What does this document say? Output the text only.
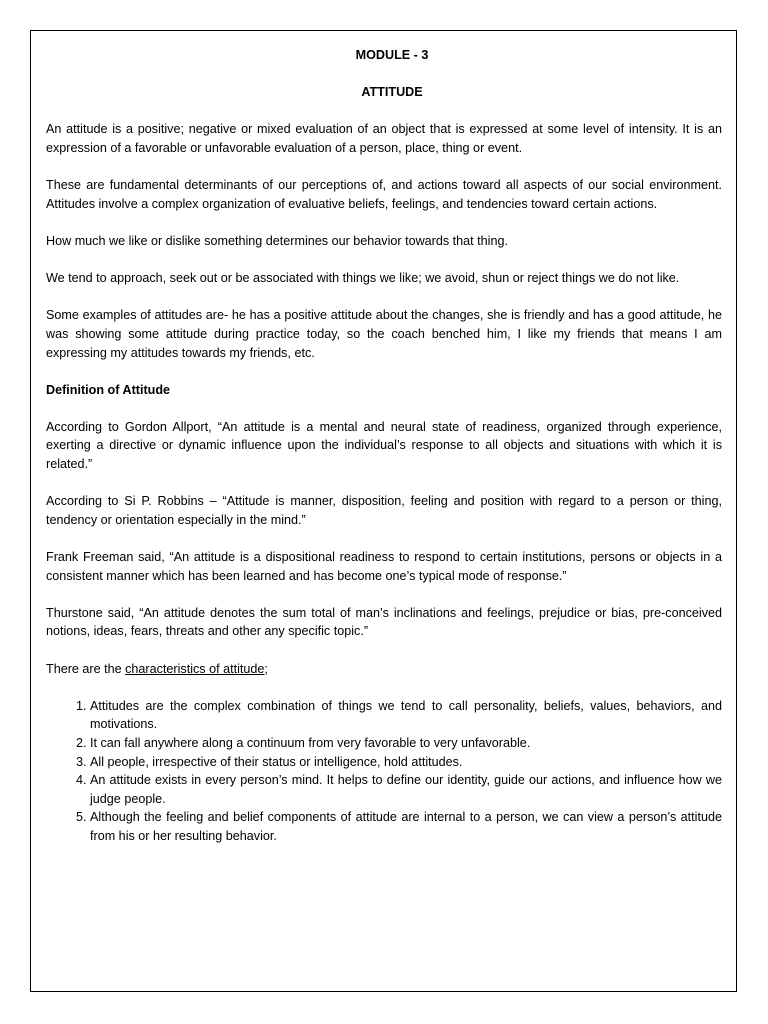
MODULE - 3
ATTITUDE

An attitude is a positive; negative or mixed evaluation of an object that is expressed at some level of intensity. It is an expression of a favorable or unfavorable evaluation of a person, place, thing or event.

These are fundamental determinants of our perceptions of, and actions toward all aspects of our social environment. Attitudes involve a complex organization of evaluative beliefs, feelings, and tendencies toward certain actions.

How much we like or dislike something determines our behavior towards that thing.

We tend to approach, seek out or be associated with things we like; we avoid, shun or reject things we do not like.

Some examples of attitudes are- he has a positive attitude about the changes, she is friendly and has a good attitude, he was showing some attitude during practice today, so the coach benched him, I like my friends that means I am expressing my attitudes towards my friends, etc.

Definition of Attitude

According to Gordon Allport, “An attitude is a mental and neural state of readiness, organized through experience, exerting a directive or dynamic influence upon the individual’s response to all objects and situations with which it is related.”

According to Si P. Robbins – “Attitude is manner, disposition, feeling and position with regard to a person or thing, tendency or orientation especially in the mind.”

Frank Freeman said, “An attitude is a dispositional readiness to respond to certain institutions, persons or objects in a consistent manner which has been learned and has become one’s typical mode of response.”

Thurstone said, “An attitude denotes the sum total of man’s inclinations and feelings, prejudice or bias, pre-conceived notions, ideas, fears, threats and other any specific topic.”

There are the characteristics of attitude;

1. Attitudes are the complex combination of things we tend to call personality, beliefs, values, behaviors, and motivations.
2. It can fall anywhere along a continuum from very favorable to very unfavorable.
3. All people, irrespective of their status or intelligence, hold attitudes.
4. An attitude exists in every person’s mind. It helps to define our identity, guide our actions, and influence how we judge people.
5. Although the feeling and belief components of attitude are internal to a person, we can view a person’s attitude from his or her resulting behavior.
